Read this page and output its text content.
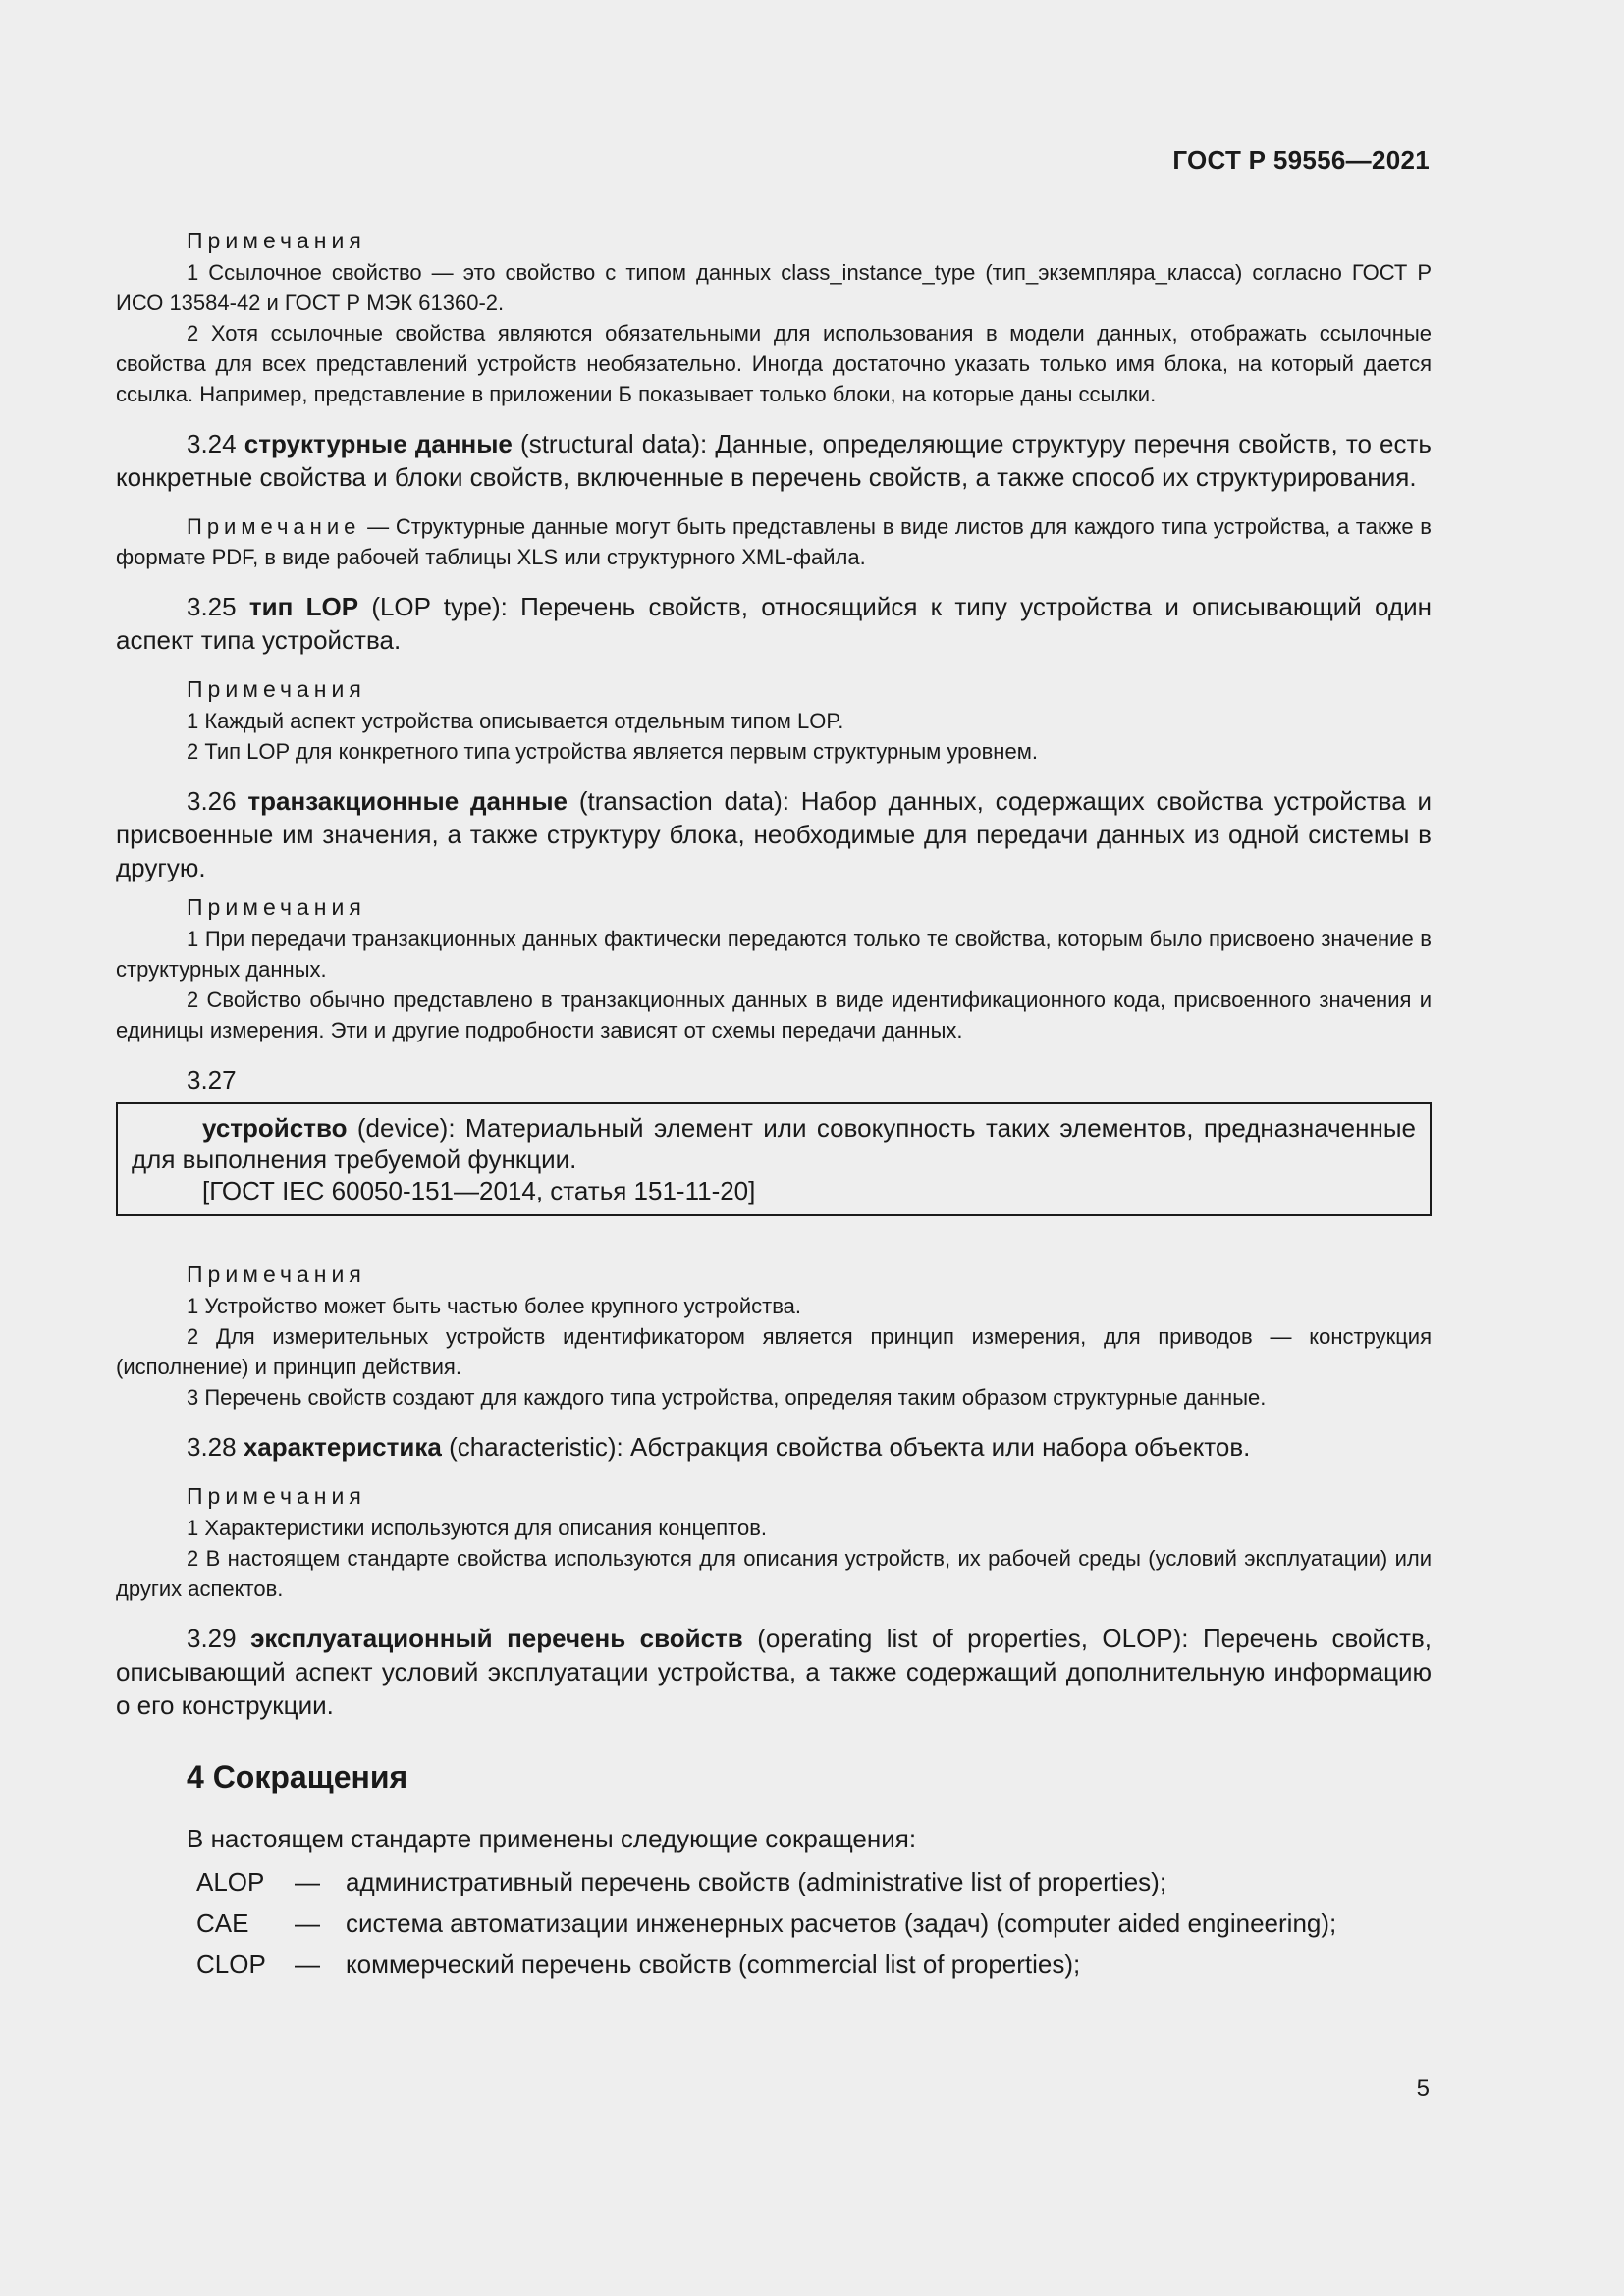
ГОСТ Р 59556—2021
Примечания

1 Ссылочное свойство — это свойство с типом данных class_instance_type (тип_экземпляра_класса) согласно ГОСТ Р ИСО 13584-42 и ГОСТ Р МЭК 61360-2.

2 Хотя ссылочные свойства являются обязательными для использования в модели данных, отображать ссылочные свойства для всех представлений устройств необязательно. Иногда достаточно указать только имя блока, на который дается ссылка. Например, представление в приложении Б показывает только блоки, на которые даны ссылки.

3.24 структурные данные (structural data): Данные, определяющие структуру перечня свойств, то есть конкретные свойства и блоки свойств, включенные в перечень свойств, а также способ их структурирования.

Примечание — Структурные данные могут быть представлены в виде листов для каждого типа устройства, а также в формате PDF, в виде рабочей таблицы XLS или структурного XML-файла.

3.25 тип LOP (LOP type): Перечень свойств, относящийся к типу устройства и описывающий один аспект типа устройства.

Примечания

1 Каждый аспект устройства описывается отдельным типом LOP.

2 Тип LOP для конкретного типа устройства является первым структурным уровнем.

3.26 транзакционные данные (transaction data): Набор данных, содержащих свойства устройства и присвоенные им значения, а также структуру блока, необходимые для передачи данных из одной системы в другую.

Примечания

1 При передачи транзакционных данных фактически передаются только те свойства, которым было присвоено значение в структурных данных.

2 Свойство обычно представлено в транзакционных данных в виде идентификационного кода, присвоенного значения и единицы измерения. Эти и другие подробности зависят от схемы передачи данных.

3.27

устройство (device): Материальный элемент или совокупность таких элементов, предназначенные для выполнения требуемой функции.

[ГОСТ IEC 60050-151—2014, статья 151-11-20]

Примечания

1 Устройство может быть частью более крупного устройства.

2 Для измерительных устройств идентификатором является принцип измерения, для приводов — конструкция (исполнение) и принцип действия.

3 Перечень свойств создают для каждого типа устройства, определяя таким образом структурные данные.

3.28 характеристика (characteristic): Абстракция свойства объекта или набора объектов.

Примечания

1 Характеристики используются для описания концептов.

2 В настоящем стандарте свойства используются для описания устройств, их рабочей среды (условий эксплуатации) или других аспектов.

3.29 эксплуатационный перечень свойств (operating list of properties, OLOP): Перечень свойств, описывающий аспект условий эксплуатации устройства, а также содержащий дополнительную информацию о его конструкции.

4 Сокращения
В настоящем стандарте применены следующие сокращения:
ALOP	—	административный перечень свойств (administrative list of properties);
CAE	—	система автоматизации инженерных расчетов (задач) (computer aided engineering);
CLOP	—	коммерческий перечень свойств (commercial list of properties);
5
